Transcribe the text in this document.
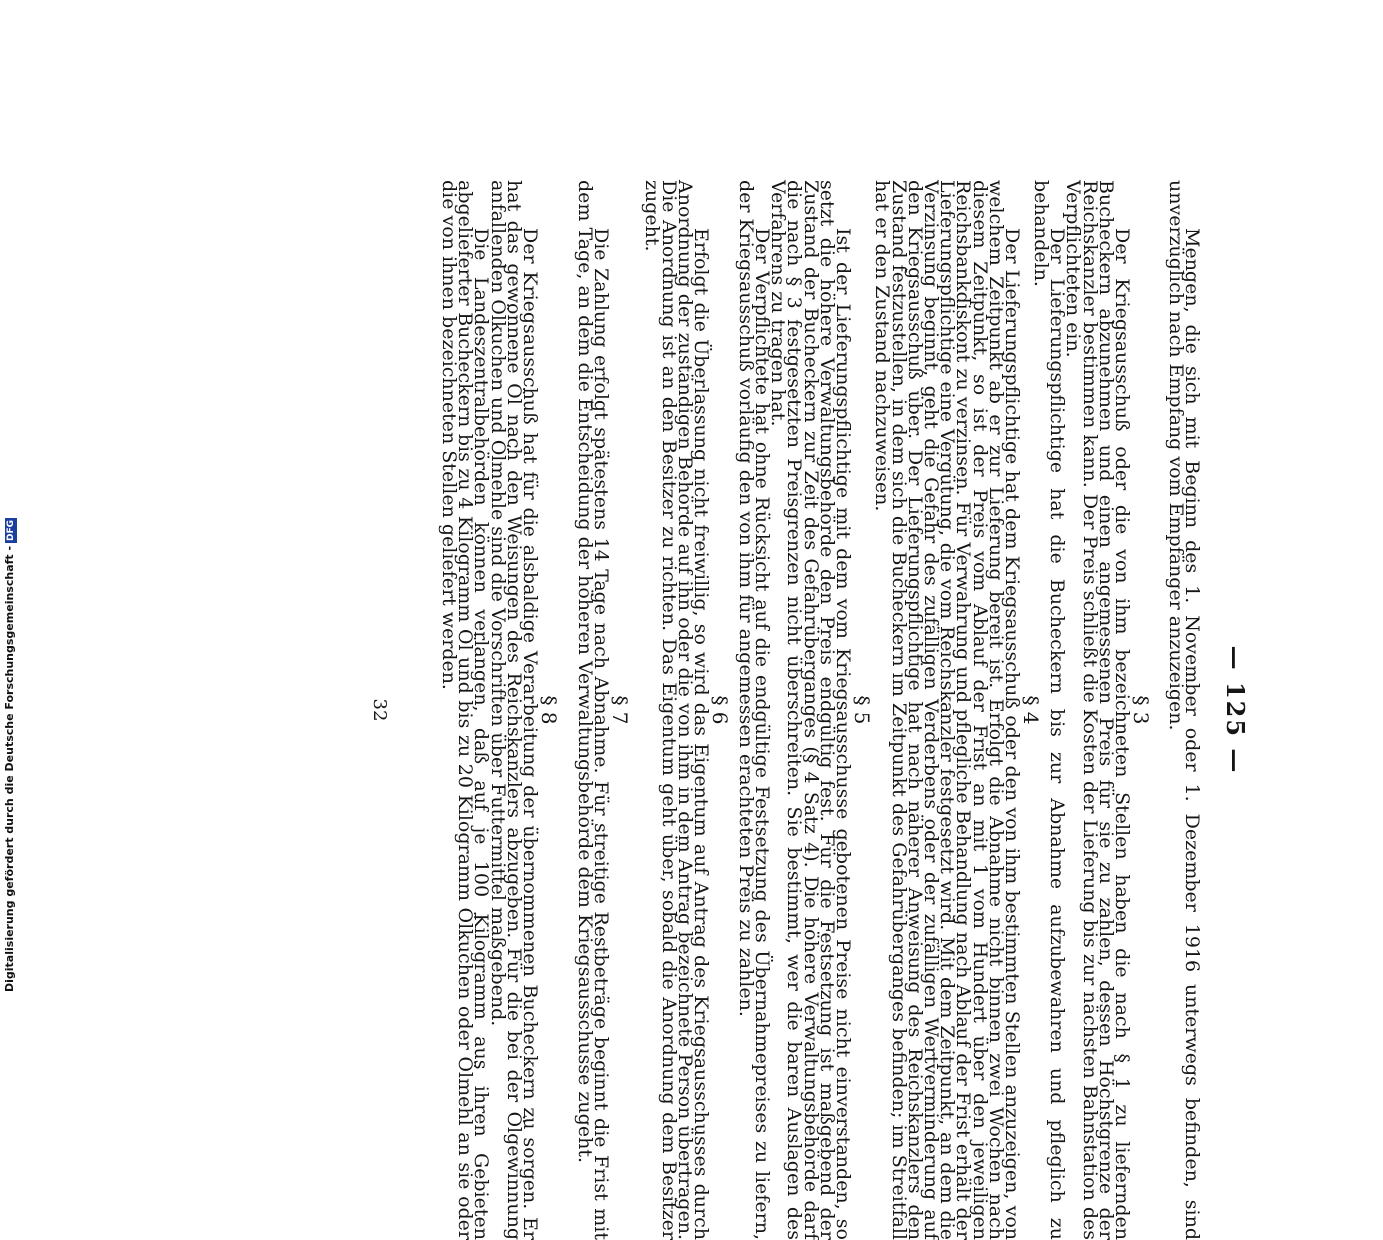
— 125 —

Mengen, die sich mit Beginn des 1. November oder 1. Dezember 1916 unterwegs befinden, sind unverzüglich nach Empfang vom Empfänger anzuzeigen.

§ 3

Der Kriegsausschuß oder die von ihm bezeichneten Stellen haben die nach § 1 zu liefernden Bucheckern abzunehmen und einen angemessenen Preis für sie zu zahlen, dessen Höchstgrenze der Reichskanzler bestimmen kann. Der Preis schließt die Kosten der Lieferung bis zur nächsten Bahnstation des Verpflichteten ein.

Der Lieferungspflichtige hat die Bucheckern bis zur Abnahme aufzubewahren und pfleglich zu behandeln.

§ 4

Der Lieferungspflichtige hat dem Kriegsausschuß oder den von ihm bestimmten Stellen anzuzeigen, von welchem Zeitpunkt ab er zur Lieferung bereit ist. Erfolgt die Abnahme nicht binnen zwei Wochen nach diesem Zeitpunkt, so ist der Preis vom Ablauf der Frist an mit 1 vom Hundert über den jeweiligen Reichsbankdiskont zu verzinsen. Für Verwahrung und pflegliche Behandlung nach Ablauf der Frist erhält der Lieferungspflichtige eine Vergütung, die vom Reichskanzler festgesetzt wird. Mit dem Zeitpunkt, an dem die Verzinsung beginnt, geht die Gefahr des zufälligen Verderbens oder der zufälligen Wertverminderung auf den Kriegsausschuß über. Der Lieferungspflichtige hat nach näherer Anweisung des Reichskanzlers den Zustand festzustellen, in dem sich die Bucheckern im Zeitpunkt des Gefahrüberganges befinden; im Streitfall hat er den Zustand nachzuweisen.

§ 5

Ist der Lieferungspflichtige mit dem vom Kriegsausschusse gebotenen Preise nicht einverstanden, so setzt die höhere Verwaltungsbehörde den Preis endgültig fest. Für die Festsetzung ist maßgebend der Zustand der Bucheckern zur Zeit des Gefahrüberganges (§ 4 Satz 4). Die höhere Verwaltungsbehörde darf die nach § 3 festgesetzten Preisgrenzen nicht überschreiten. Sie bestimmt, wer die baren Auslagen des Verfahrens zu tragen hat.

Der Verpflichtete hat ohne Rücksicht auf die endgültige Festsetzung des Übernahmepreises zu liefern, der Kriegsausschuß vorläufig den von ihm für angemessen erachteten Preis zu zahlen.

§ 6

Erfolgt die Überlassung nicht freiwillig, so wird das Eigentum auf Antrag des Kriegsausschusses durch Anordnung der zuständigen Behörde auf ihn oder die von ihm in dem Antrag bezeichnete Person übertragen. Die Anordnung ist an den Besitzer zu richten. Das Eigentum geht über, sobald die Anordnung dem Besitzer zugeht.

§ 7

Die Zahlung erfolgt spätestens 14 Tage nach Abnahme. Für streitige Restbeträge beginnt die Frist mit dem Tage, an dem die Entscheidung der höheren Verwaltungsbehörde dem Kriegsausschusse zugeht.

§ 8

Der Kriegsausschuß hat für die alsbaldige Verarbeitung der übernommenen Bucheckern zu sorgen. Er hat das gewonnene Öl nach den Weisungen des Reichskanzlers abzugeben. Für die bei der Ölgewinnung anfallenden Ölkuchen und Ölmehle sind die Vorschriften über Futtermittel maßgebend.

Die Landeszentralbehörden können verlangen, daß auf je 100 Kilogramm aus ihren Gebieten abgelieferter Bucheckern bis zu 4 Kilogramm Öl und bis zu 20 Kilogramm Ölkuchen oder Ölmehl an sie oder die von ihnen bezeichneten Stellen geliefert werden.

32
Digitalisierung gefördert durch die Deutsche Forschungsgemeinschaft -DFG
